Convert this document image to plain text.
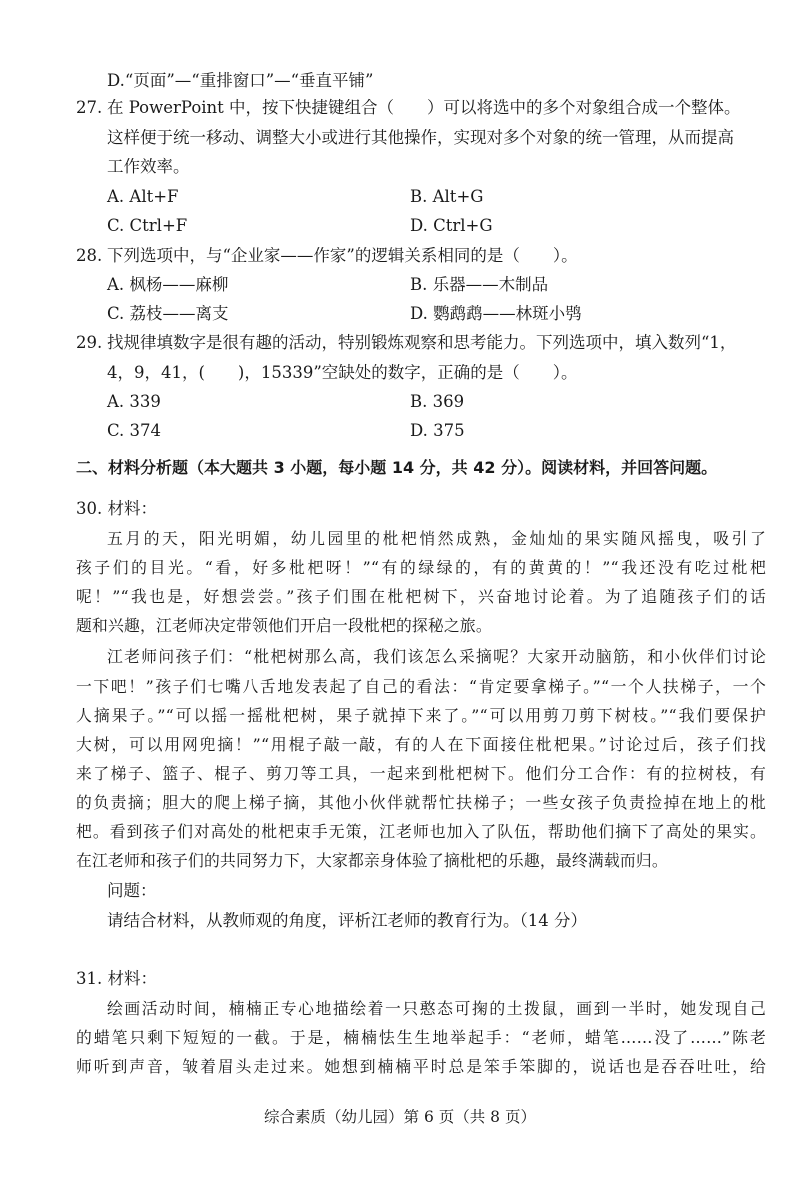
D.“页面”—“重排窗口”—“垂直平铺”
27. 在 PowerPoint 中，按下快捷键组合（　　）可以将选中的多个对象组合成一个整体。
这样便于统一移动、调整大小或进行其他操作，实现对多个对象的统一管理，从而提高
工作效率。
A. Alt+F	B. Alt+G
C. Ctrl+F	D. Ctrl+G
28. 下列选项中，与“企业家——作家”的逻辑关系相同的是（　　）。
A. 枫杨——麻柳	B. 乐器——木制品
C. 荔枝——离支	D. 鹦鹉鹉——林斑小鸮
29. 找规律填数字是很有趣的活动，特别锻炼观察和思考能力。下列选项中，填入数列“1，
4，9，41，(　　)，15339”空缺处的数字，正确的是（　　）。
A. 339	B. 369
C. 374	D. 375
二、材料分析题（本大题共 3 小题，每小题 14 分，共 42 分）。阅读材料，并回答问题。
30. 材料：
五月的天，阳光明媚，幼儿园里的枇杷悄然成熟，金灿灿的果实随风摇曳，吸引了
孩子们的目光。“看，好多枇杷呀！”“有的绿绿的，有的黄黄的！”“我还没有吃过枇杷
呢！”“我也是，好想尝尝。”孩子们围在枇杷树下，兴奋地讨论着。为了追随孩子们的话
题和兴趣，江老师决定带领他们开启一段枇杷的探秘之旅。
江老师问孩子们：“枇杷树那么高，我们该怎么采摘呢？大家开动脑筋，和小伙伴们讨论
一下吧！”孩子们七嘴八舌地发表起了自己的看法：“肯定要拿梯子。”“一个人扶梯子，一个
人摘果子。”“可以摇一摇枇杷树，果子就掉下来了。”“可以用剪刀剪下树枝。”“我们要保护
大树，可以用网兜摘！”“用棍子敲一敲，有的人在下面接住枇杷果。”讨论过后，孩子们找
来了梯子、篮子、棍子、剪刀等工具，一起来到枇杷树下。他们分工合作：有的拉树枝，有
的负责摘；胆大的爬上梯子摘，其他小伙伴就帮忙扶梯子；一些女孩子负责捡掉在地上的枇
杷。看到孩子们对高处的枇杷束手无策，江老师也加入了队伍，帮助他们摘下了高处的果实。
在江老师和孩子们的共同努力下，大家都亲身体验了摘枇杷的乐趣，最终满载而归。
问题：
请结合材料，从教师观的角度，评析江老师的教育行为。（14 分）
31. 材料：
绘画活动时间，楠楠正专心地描绘着一只憨态可掬的土拨鼠，画到一半时，她发现自己
的蜡笔只剩下短短的一截。于是，楠楠怯生生地举起手：“老师，蜡笔……没了……”陈老
师听到声音，皱着眉头走过来。她想到楠楠平时总是笨手笨脚的，说话也是吞吞吐吐，给
综合素质（幼儿园）第 6 页（共 8 页）
